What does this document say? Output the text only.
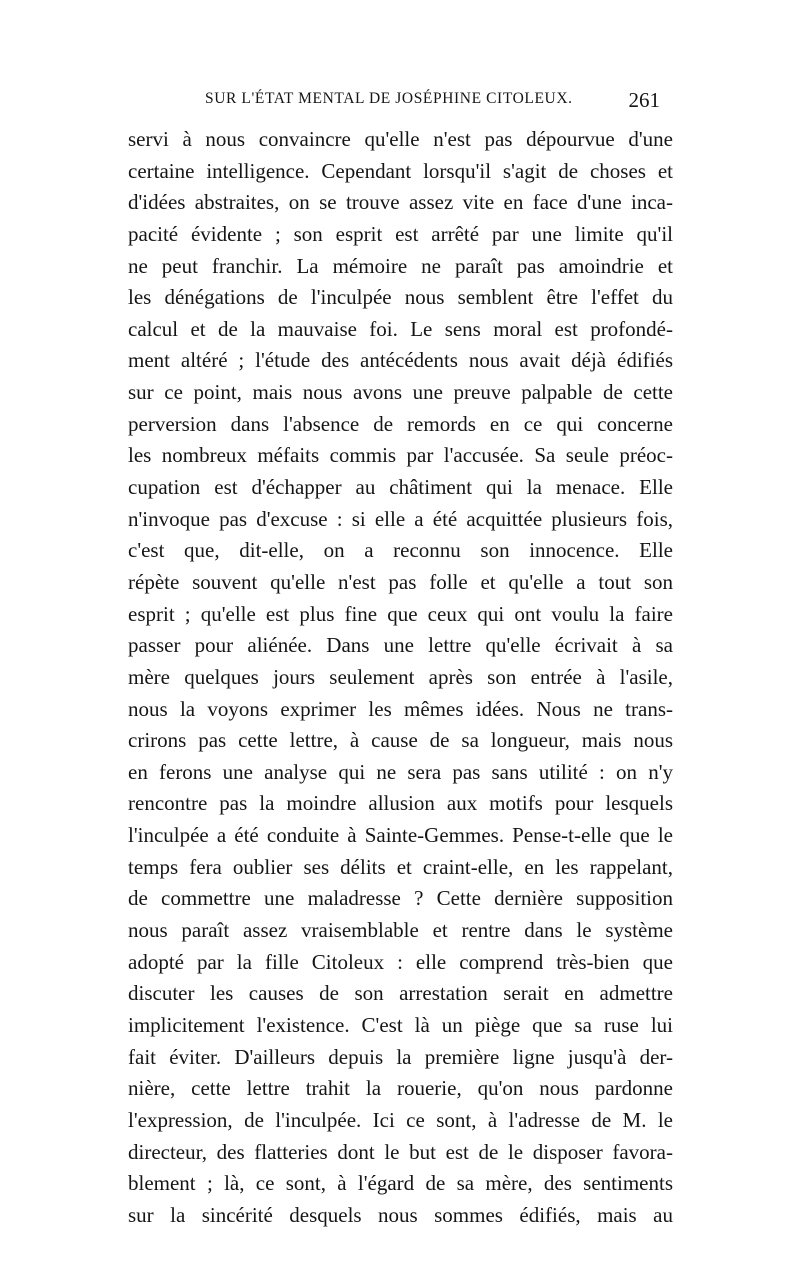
SUR L'ÉTAT MENTAL DE JOSÉPHINE CITOLEUX.	261
servi à nous convaincre qu'elle n'est pas dépourvue d'une
certaine intelligence. Cependant lorsqu'il s'agit de choses et
d'idées abstraites, on se trouve assez vite en face d'une inca-
pacité évidente ; son esprit est arrêté par une limite qu'il
ne peut franchir. La mémoire ne paraît pas amoindrie et
les dénégations de l'inculpée nous semblent être l'effet du
calcul et de la mauvaise foi. Le sens moral est profondé-
ment altéré ; l'étude des antécédents nous avait déjà édifiés
sur ce point, mais nous avons une preuve palpable de cette
perversion dans l'absence de remords en ce qui concerne
les nombreux méfaits commis par l'accusée. Sa seule préoc-
cupation est d'échapper au châtiment qui la menace. Elle
n'invoque pas d'excuse : si elle a été acquittée plusieurs fois,
c'est que, dit-elle, on a reconnu son innocence. Elle
répète souvent qu'elle n'est pas folle et qu'elle a tout son
esprit ; qu'elle est plus fine que ceux qui ont voulu la faire
passer pour aliénée. Dans une lettre qu'elle écrivait à sa
mère quelques jours seulement après son entrée à l'asile,
nous la voyons exprimer les mêmes idées. Nous ne trans-
crirons pas cette lettre, à cause de sa longueur, mais nous
en ferons une analyse qui ne sera pas sans utilité : on n'y
rencontre pas la moindre allusion aux motifs pour lesquels
l'inculpée a été conduite à Sainte-Gemmes. Pense-t-elle que le
temps fera oublier ses délits et craint-elle, en les rappelant,
de commettre une maladresse ? Cette dernière supposition
nous paraît assez vraisemblable et rentre dans le système
adopté par la fille Citoleux : elle comprend très-bien que
discuter les causes de son arrestation serait en admettre
implicitement l'existence. C'est là un piège que sa ruse lui
fait éviter. D'ailleurs depuis la première ligne jusqu'à der-
nière, cette lettre trahit la rouerie, qu'on nous pardonne
l'expression, de l'inculpée. Ici ce sont, à l'adresse de M. le
directeur, des flatteries dont le but est de le disposer favora-
blement ; là, ce sont, à l'égard de sa mère, des sentiments
sur la sincérité desquels nous sommes édifiés, mais au
